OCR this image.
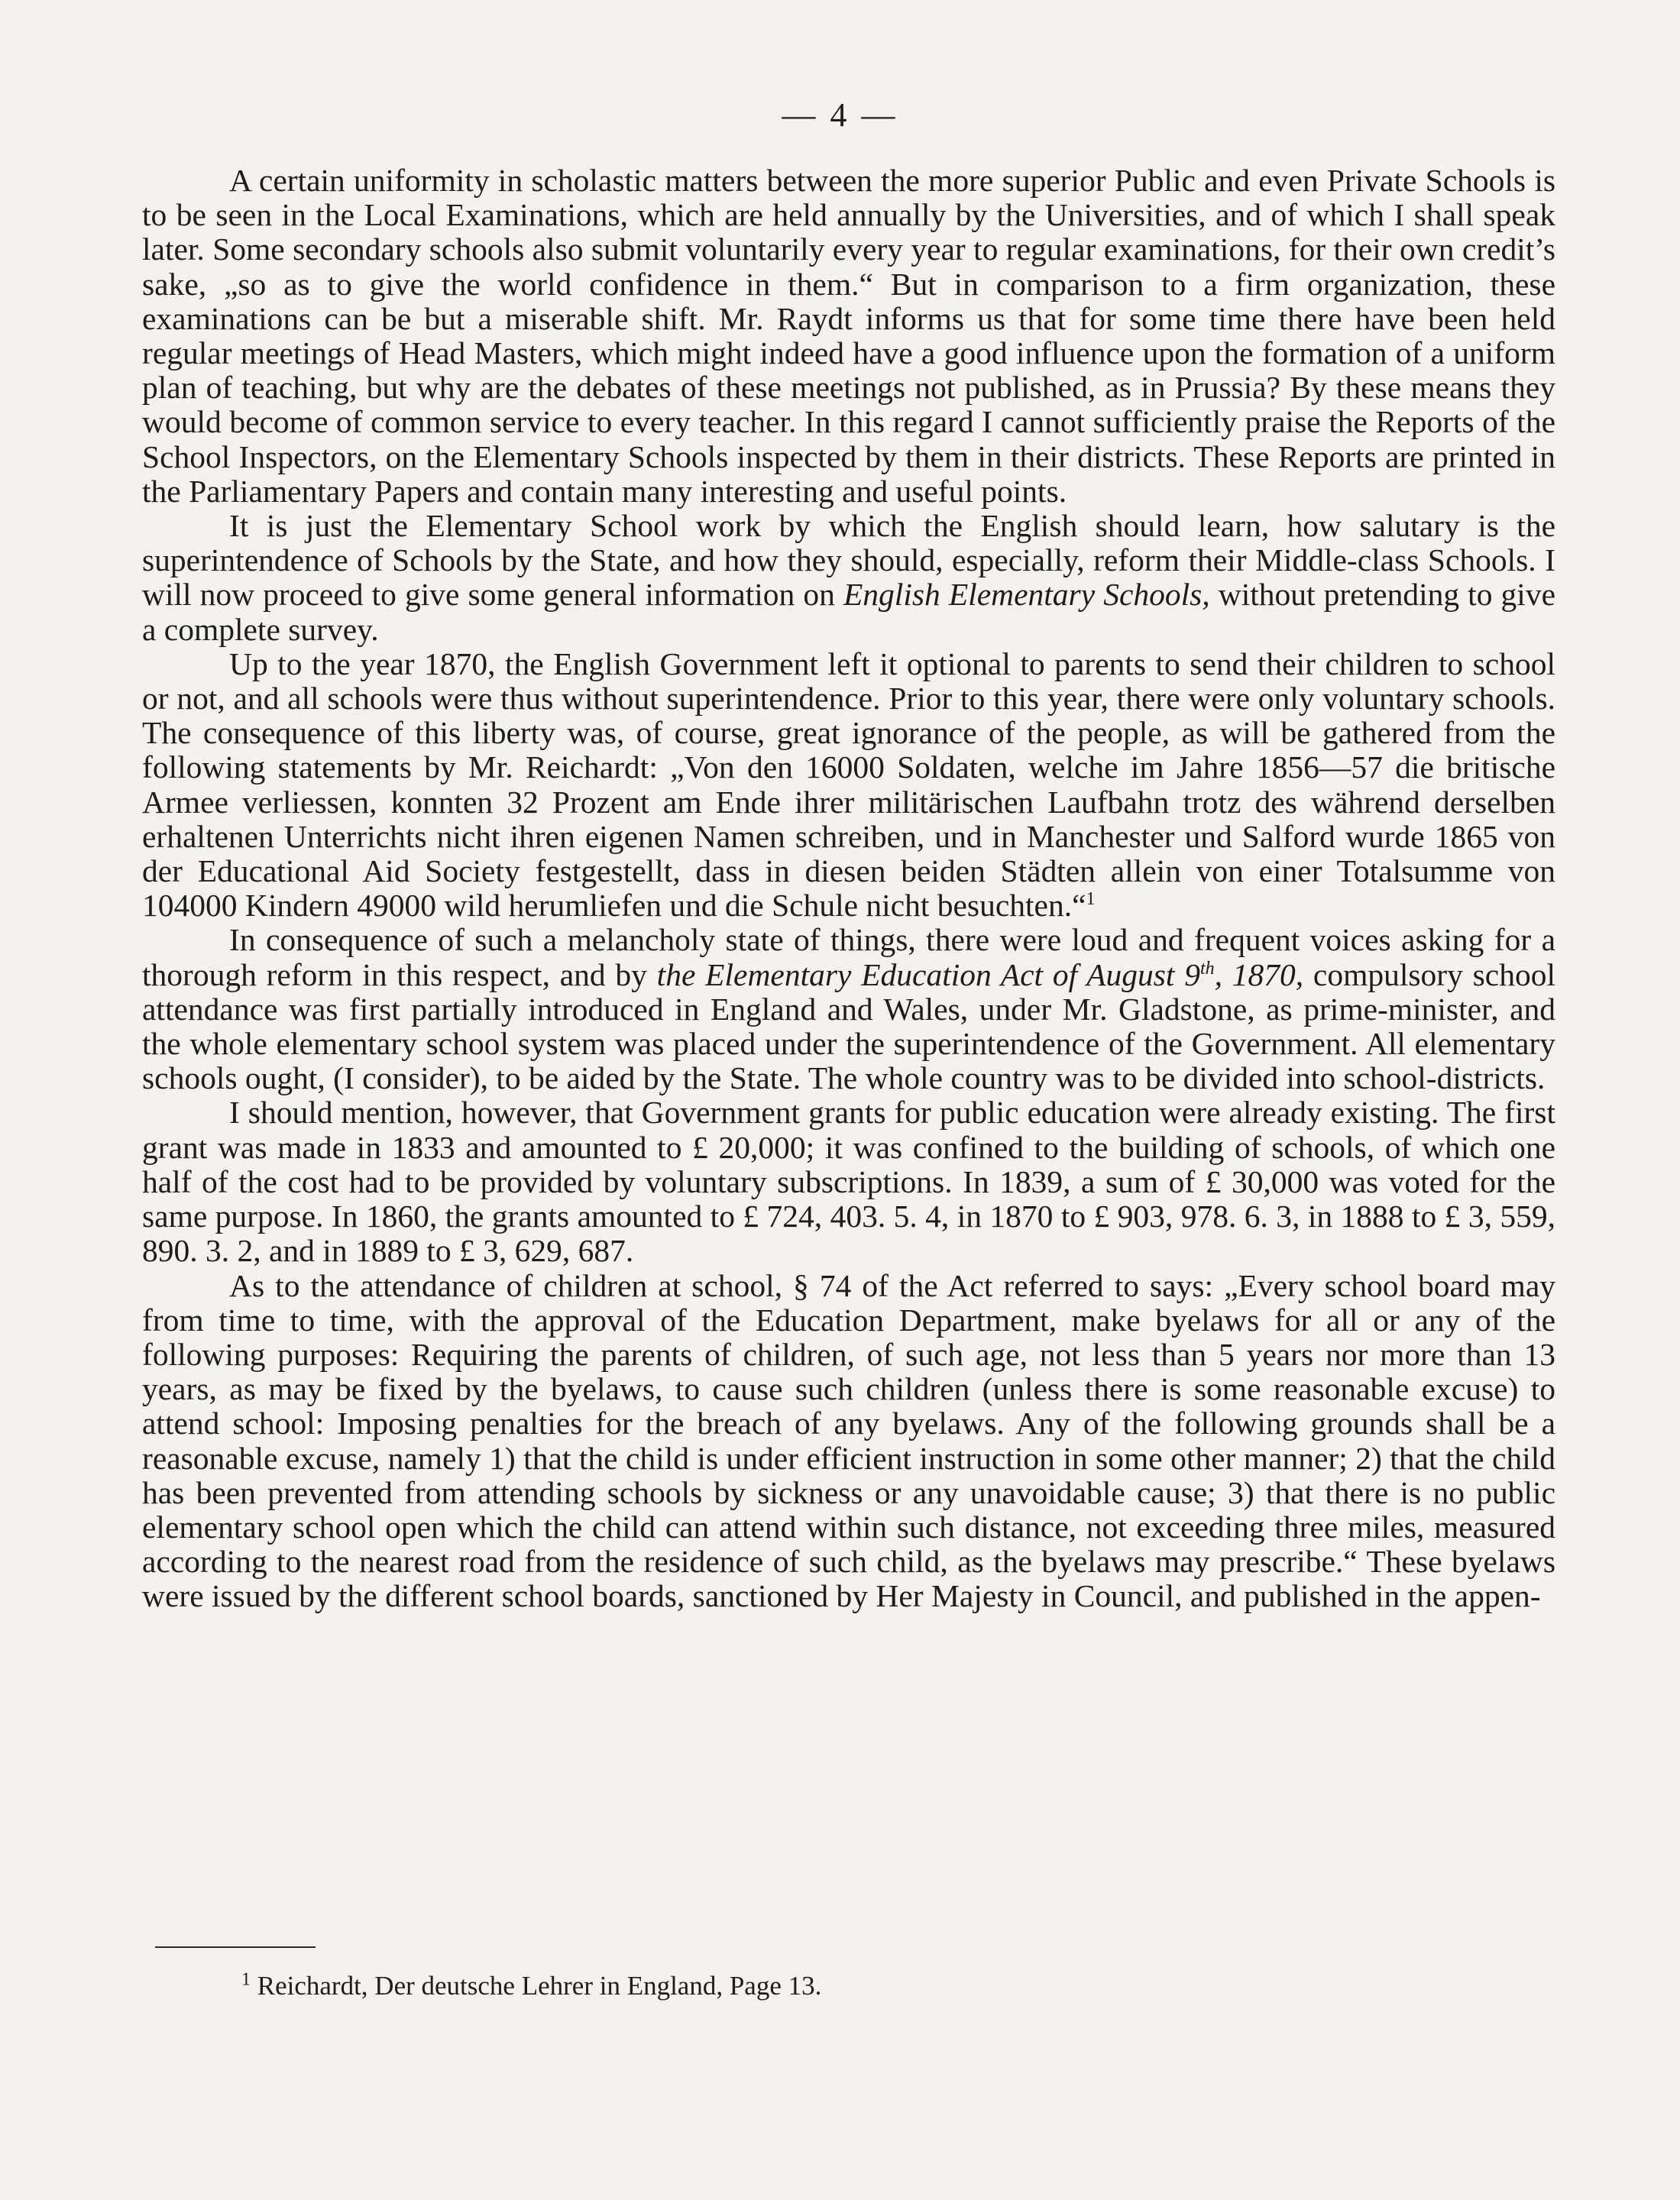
— 4 —

A certain uniformity in scholastic matters between the more superior Public and even Private Schools is to be seen in the Local Examinations, which are held annually by the Universities, and of which I shall speak later. Some secondary schools also submit voluntarily every year to regular examinations, for their own credit’s sake, „so as to give the world confidence in them.“ But in comparison to a firm organization, these examinations can be but a miserable shift. Mr. Raydt informs us that for some time there have been held regular meetings of Head Masters, which might indeed have a good influence upon the formation of a uniform plan of teaching, but why are the debates of these meetings not published, as in Prussia? By these means they would become of common service to every teacher. In this regard I cannot sufficiently praise the Reports of the School Inspectors, on the Elementary Schools inspected by them in their districts. These Reports are printed in the Parliamentary Papers and contain many interesting and useful points.

It is just the Elementary School work by which the English should learn, how salutary is the superintendence of Schools by the State, and how they should, especially, reform their Middle-class Schools. I will now proceed to give some general information on English Elementary Schools, without pretending to give a complete survey.

Up to the year 1870, the English Government left it optional to parents to send their children to school or not, and all schools were thus without superintendence. Prior to this year, there were only voluntary schools. The consequence of this liberty was, of course, great ignorance of the people, as will be gathered from the following statements by Mr. Reichardt: „Von den 16000 Soldaten, welche im Jahre 1856—57 die britische Armee verliessen, konnten 32 Prozent am Ende ihrer militärischen Laufbahn trotz des während derselben erhaltenen Unterrichts nicht ihren eigenen Namen schreiben, und in Manchester und Salford wurde 1865 von der Educational Aid Society festgestellt, dass in diesen beiden Städten allein von einer Totalsumme von 104000 Kindern 49000 wild herumliefen und die Schule nicht besuchten.“$^1$

In consequence of such a melancholy state of things, there were loud and frequent voices asking for a thorough reform in this respect, and by the Elementary Education Act of August 9th, 1870, compulsory school attendance was first partially introduced in England and Wales, under Mr. Gladstone, as prime-minister, and the whole elementary school system was placed under the superintendence of the Government. All elementary schools ought, (I consider), to be aided by the State. The whole country was to be divided into school-districts.

I should mention, however, that Government grants for public education were already existing. The first grant was made in 1833 and amounted to £ 20,000; it was confined to the building of schools, of which one half of the cost had to be provided by voluntary subscriptions. In 1839, a sum of £ 30,000 was voted for the same purpose. In 1860, the grants amounted to £ 724, 403. 5. 4, in 1870 to £ 903, 978. 6. 3, in 1888 to £ 3, 559, 890. 3. 2, and in 1889 to £ 3, 629, 687.

As to the attendance of children at school, § 74 of the Act referred to says: „Every school board may from time to time, with the approval of the Education Department, make byelaws for all or any of the following purposes: Requiring the parents of children, of such age, not less than 5 years nor more than 13 years, as may be fixed by the byelaws, to cause such children (unless there is some reasonable excuse) to attend school: Imposing penalties for the breach of any byelaws. Any of the following grounds shall be a reasonable excuse, namely 1) that the child is under efficient instruction in some other manner; 2) that the child has been prevented from attending schools by sickness or any unavoidable cause; 3) that there is no public elementary school open which the child can attend within such distance, not exceeding three miles, measured according to the nearest road from the residence of such child, as the byelaws may prescribe.“ These byelaws were issued by the different school boards, sanctioned by Her Majesty in Council, and published in the appen-

$^1$ Reichardt, Der deutsche Lehrer in England, Page 13.
